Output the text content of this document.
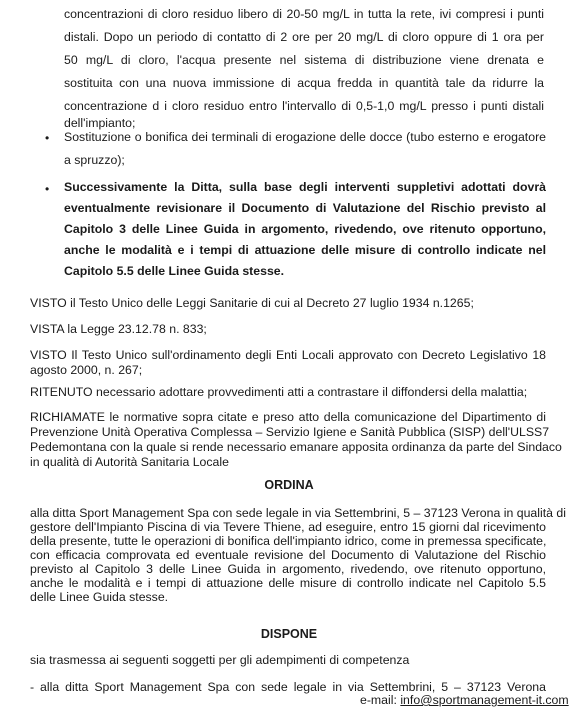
concentrazioni di cloro residuo libero di 20-50 mg/L in tutta la rete, ivi compresi i punti
distali. Dopo un periodo di contatto di 2 ore per 20 mg/L di cloro oppure di 1 ora per
50 mg/L di cloro, l'acqua presente nel sistema di distribuzione viene drenata e
sostituita con una nuova immissione di acqua fredda in quantità tale da ridurre la
concentrazione d i cloro residuo entro l'intervallo di 0,5-1,0 mg/L presso i punti distali
dell'impianto;
• Sostituzione o bonifica dei terminali di erogazione delle docce (tubo esterno e erogatore
a spruzzo);
• Successivamente la Ditta, sulla base degli interventi suppletivi adottati dovrà
eventualmente revisionare il Documento di Valutazione del Rischio previsto al
Capitolo 3 delle Linee Guida in argomento, rivedendo, ove ritenuto opportuno,
anche le modalità e i tempi di attuazione delle misure di controllo indicate nel
Capitolo 5.5 delle Linee Guida stesse.
VISTO il Testo Unico delle Leggi Sanitarie di cui al Decreto 27 luglio 1934 n.1265;
VISTA la Legge 23.12.78 n. 833;
VISTO Il Testo Unico sull'ordinamento degli Enti Locali approvato con Decreto Legislativo 18
agosto 2000, n. 267;
RITENUTO necessario adottare provvedimenti atti a contrastare il diffondersi della malattia;
RICHIAMATE le normative sopra citate e preso atto della comunicazione del Dipartimento di
Prevenzione Unità Operativa Complessa – Servizio Igiene e Sanità Pubblica (SISP) dell'ULSS7
Pedemontana con la quale si rende necessario emanare apposita ordinanza da parte del Sindaco
in qualità di Autorità Sanitaria Locale
ORDINA
alla ditta Sport Management Spa con sede legale in via Settembrini, 5 – 37123 Verona in qualità di
gestore dell'Impianto Piscina di via Tevere Thiene, ad eseguire, entro 15 giorni dal ricevimento
della presente, tutte le operazioni di bonifica dell'impianto idrico, come in premessa specificate,
con efficacia comprovata ed eventuale revisione del Documento di Valutazione del Rischio
previsto al Capitolo 3 delle Linee Guida in argomento, rivedendo, ove ritenuto opportuno,
anche le modalità e i tempi di attuazione delle misure di controllo indicate nel Capitolo 5.5
delle Linee Guida stesse.
DISPONE
sia trasmessa ai seguenti soggetti per gli adempimenti di competenza
- alla ditta Sport Management Spa con sede legale in via Settembrini, 5 – 37123 Verona
e-mail: info@sportmanagement-it.com
